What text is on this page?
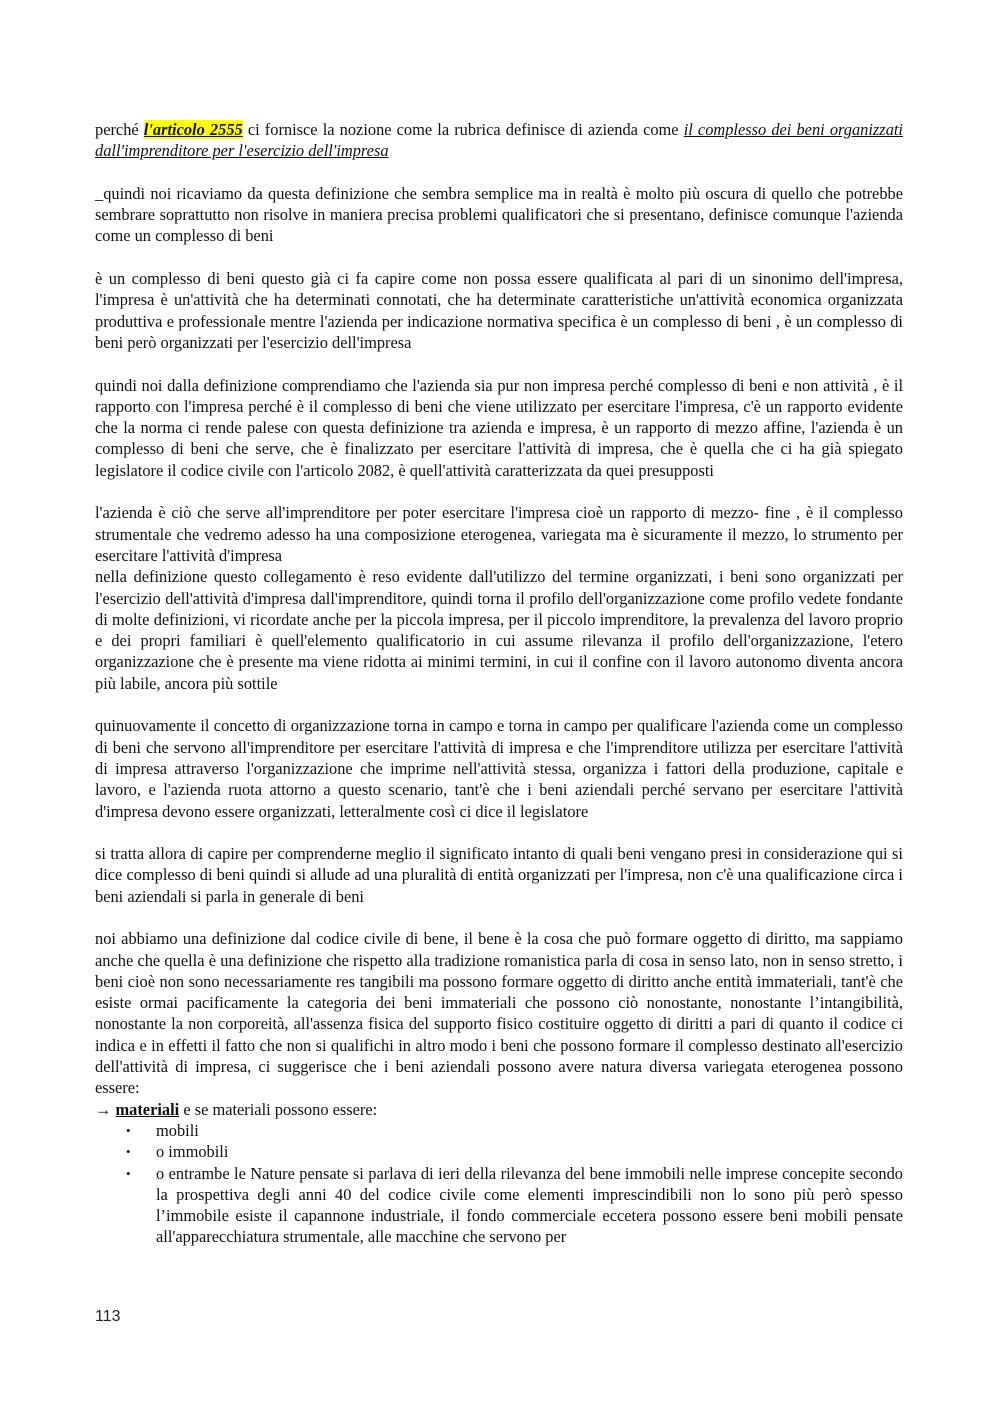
perché l'articolo 2555 ci fornisce la nozione come la rubrica definisce di azienda come il complesso dei beni organizzati dall'imprenditore per l'esercizio dell'impresa

_quindi noi ricaviamo da questa definizione che sembra semplice ma in realtà è molto più oscura di quello che potrebbe sembrare soprattutto non risolve in maniera precisa problemi qualificatori che si presentano, definisce comunque l'azienda come un complesso di beni

è un complesso di beni questo già ci fa capire come non possa essere qualificata al pari di un sinonimo dell'impresa, l'impresa è un'attività che ha determinati connotati, che ha determinate caratteristiche un'attività economica organizzata produttiva e professionale mentre l'azienda per indicazione normativa specifica è un complesso di beni , è un complesso di beni però organizzati per l'esercizio dell'impresa

quindi noi dalla definizione comprendiamo che l'azienda sia pur non impresa perché complesso di beni e non attività , è il rapporto con l'impresa perché è il complesso di beni che viene utilizzato per esercitare l'impresa, c'è un rapporto evidente che la norma ci rende palese con questa definizione tra azienda e impresa, è un rapporto di mezzo affine, l'azienda è un complesso di beni che serve, che è finalizzato per esercitare l'attività di impresa, che è quella che ci ha già spiegato legislatore il codice civile con l'articolo 2082, è quell'attività caratterizzata da quei presupposti

l'azienda è ciò che serve all'imprenditore per poter esercitare l'impresa cioè un rapporto di mezzo- fine , è il complesso strumentale che vedremo adesso ha una composizione eterogenea, variegata ma è sicuramente il mezzo, lo strumento per esercitare l'attività d'impresa

nella definizione questo collegamento è reso evidente dall'utilizzo del termine organizzati, i beni sono organizzati per l'esercizio dell'attività d'impresa dall'imprenditore, quindi torna il profilo dell'organizzazione come profilo vedete fondante di molte definizioni, vi ricordate anche per la piccola impresa, per il piccolo imprenditore, la prevalenza del lavoro proprio e dei propri familiari è quell'elemento qualificatorio in cui assume rilevanza il profilo dell'organizzazione, l'etero organizzazione che è presente ma viene ridotta ai minimi termini, in cui il confine con il lavoro autonomo diventa ancora più labile, ancora più sottile

quinuovamente il concetto di organizzazione torna in campo e torna in campo per qualificare l'azienda come un complesso di beni che servono all'imprenditore per esercitare l'attività di impresa e che l'imprenditore utilizza per esercitare l'attività di impresa attraverso l'organizzazione che imprime nell'attività stessa, organizza i fattori della produzione, capitale e lavoro, e l'azienda ruota attorno a questo scenario, tant'è che i beni aziendali perché servano per esercitare l'attività d'impresa devono essere organizzati, letteralmente così ci dice il legislatore

si tratta allora di capire per comprenderne meglio il significato intanto di quali beni vengano presi in considerazione qui si dice complesso di beni quindi si allude ad una pluralità di entità organizzati per l'impresa, non c'è una qualificazione circa i beni aziendali si parla in generale di beni

noi abbiamo una definizione dal codice civile di bene, il bene è la cosa che può formare oggetto di diritto, ma sappiamo anche che quella è una definizione che rispetto alla tradizione romanistica parla di cosa in senso lato, non in senso stretto, i beni cioè non sono necessariamente res tangibili ma possono formare oggetto di diritto anche entità immateriali, tant'è che esiste ormai pacificamente la categoria dei beni immateriali che possono ciò nonostante, nonostante l’intangibilità, nonostante la non corporeità, all'assenza fisica del supporto fisico costituire oggetto di diritti a pari di quanto il codice ci indica e in effetti il fatto che non si qualifichi in altro modo i beni che possono formare il complesso destinato all'esercizio dell'attività di impresa, ci suggerisce che i beni aziendali possono avere natura diversa variegata eterogenea possono essere:

→ materiali e se materiali possono essere:

• mobili
• o immobili
• o entrambe le Nature pensate si parlava di ieri della rilevanza del bene immobili nelle imprese concepite secondo la prospettiva degli anni 40 del codice civile come elementi imprescindibili non lo sono più però spesso l’immobile esiste il capannone industriale, il fondo commerciale eccetera possono essere beni mobili pensate all'apparecchiatura strumentale, alle macchine che servono per
113
